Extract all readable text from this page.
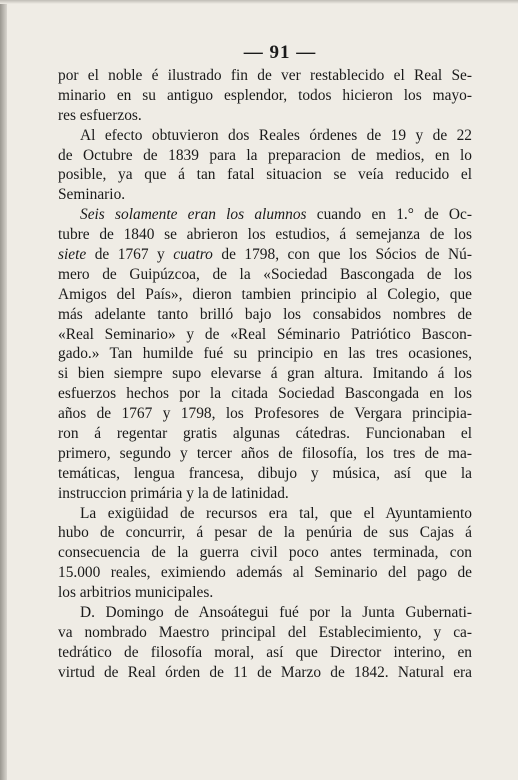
— 91 —

por el noble é ilustrado fin de ver restablecido el Real Se-
minario en su antiguo esplendor, todos hicieron los mayo-
res esfuerzos.

Al efecto obtuvieron dos Reales órdenes de 19 y de 22
de Octubre de 1839 para la preparacion de medios, en lo
posible, ya que á tan fatal situacion se veía reducido el
Seminario.

Seis solamente eran los alumnos cuando en 1.° de Oc-
tubre de 1840 se abrieron los estudios, á semejanza de los
siete de 1767 y cuatro de 1798, con que los Sócios de Nú-
mero de Guipúzcoa, de la «Sociedad Bascongada de los
Amigos del País», dieron tambien principio al Colegio, que
más adelante tanto brilló bajo los consabidos nombres de
«Real Seminario» y de «Real Séminario Patriótico Bascon-
gado.» Tan humilde fué su principio en las tres ocasiones,
si bien siempre supo elevarse á gran altura. Imitando á los
esfuerzos hechos por la citada Sociedad Bascongada en los
años de 1767 y 1798, los Profesores de Vergara principia-
ron á regentar gratis algunas cátedras. Funcionaban el
primero, segundo y tercer años de filosofía, los tres de ma-
temáticas, lengua francesa, dibujo y música, así que la
instruccion primária y la de latinidad.

La exigüidad de recursos era tal, que el Ayuntamiento
hubo de concurrir, á pesar de la penúria de sus Cajas á
consecuencia de la guerra civil poco antes terminada, con
15.000 reales, eximiendo además al Seminario del pago de
los arbitrios municipales.

D. Domingo de Ansoátegui fué por la Junta Gubernati-
va nombrado Maestro principal del Establecimiento, y ca-
tedrático de filosofía moral, así que Director interino, en
virtud de Real órden de 11 de Marzo de 1842. Natural era
